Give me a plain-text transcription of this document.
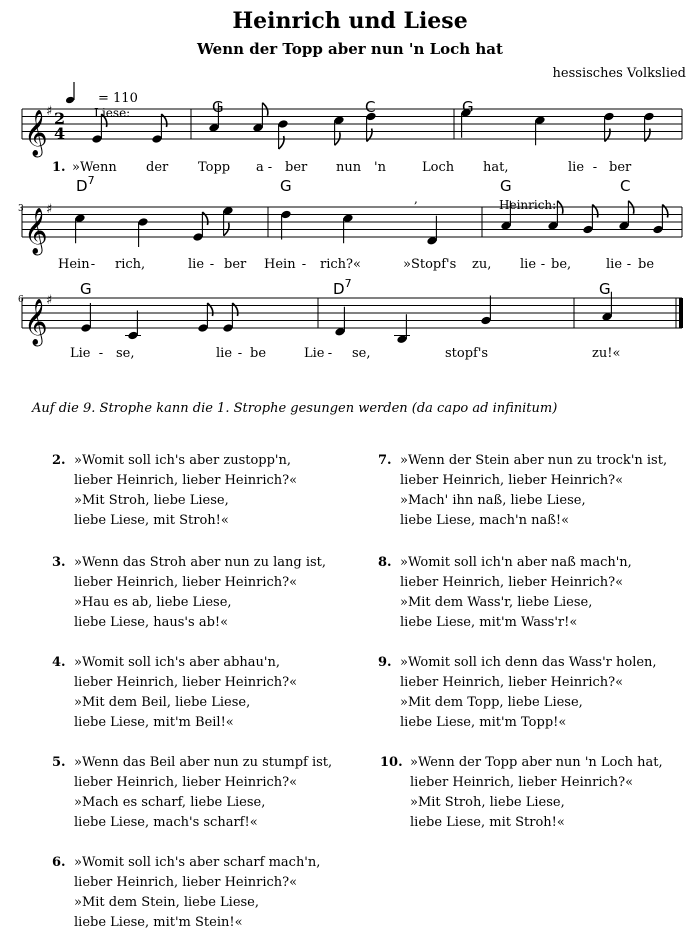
Heinrich und Liese
Wenn der Topp aber nun 'n Loch hat
hessisches Volkslied
𝄞
♯
𝄞
♯
𝄞
♯
2
4
,
G	C	G
$D^7$	G	G	C
G	$D^7$	G
1. »Wenn der Topp a - ber nun 'n	Loch hat,	lie - ber
Hein - rich,	lie - ber Hein - rich?«	»Stopf's zu, lie - be,	lie - be
Lie - se,	lie - be	Lie - se,	stopf's	zu!«
= 110
Liese:
Heinrich:
3
6
Auf die 9. Strophe kann die 1. Strophe gesungen werden (da capo ad infinitum)
2. »Womit soll ich's aber zustopp'n,
lieber Heinrich, lieber Heinrich?«
»Mit Stroh, liebe Liese,
liebe Liese, mit Stroh!«
3. »Wenn das Stroh aber nun zu lang ist,
lieber Heinrich, lieber Heinrich?«
»Hau es ab, liebe Liese,
liebe Liese, haus's ab!«
4. »Womit soll ich's aber abhau'n,
lieber Heinrich, lieber Heinrich?«
»Mit dem Beil, liebe Liese,
liebe Liese, mit'm Beil!«
5. »Wenn das Beil aber nun zu stumpf ist,
lieber Heinrich, lieber Heinrich?«
»Mach es scharf, liebe Liese,
liebe Liese, mach's scharf!«
6. »Womit soll ich's aber scharf mach'n,
lieber Heinrich, lieber Heinrich?«
»Mit dem Stein, liebe Liese,
liebe Liese, mit'm Stein!«
7. »Wenn der Stein aber nun zu trock'n ist,
lieber Heinrich, lieber Heinrich?«
»Mach' ihn naß, liebe Liese,
liebe Liese, mach'n naß!«
8. »Womit soll ich'n aber naß mach'n,
lieber Heinrich, lieber Heinrich?«
»Mit dem Wass'r, liebe Liese,
liebe Liese, mit'm Wass'r!«
9. »Womit soll ich denn das Wass'r holen,
lieber Heinrich, lieber Heinrich?«
»Mit dem Topp, liebe Liese,
liebe Liese, mit'm Topp!«
10. »Wenn der Topp aber nun 'n Loch hat,
lieber Heinrich, lieber Heinrich?«
»Mit Stroh, liebe Liese,
liebe Liese, mit Stroh!«
